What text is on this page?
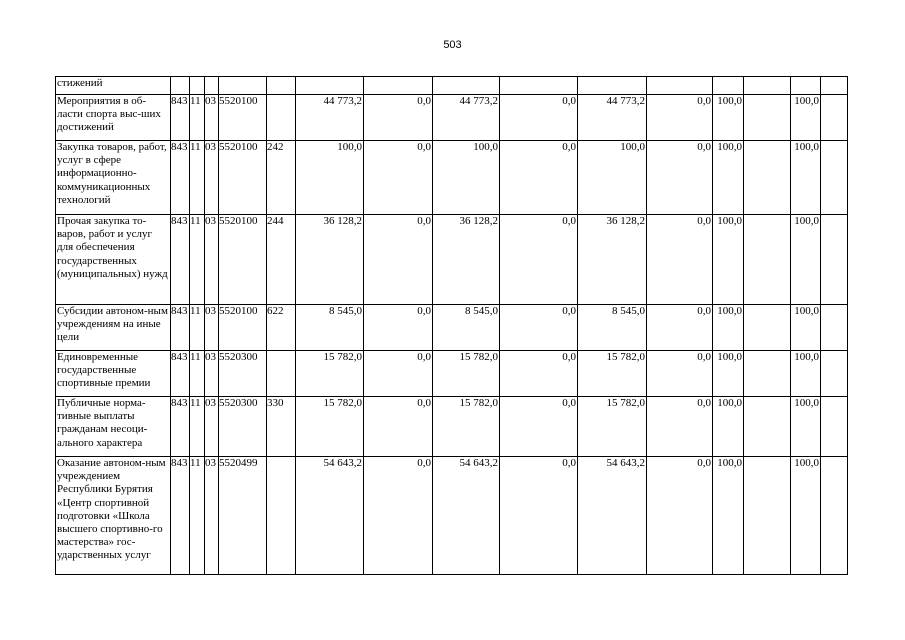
503
стижений															
Мероприятия в об-ласти спорта выс-ших достижений	843	11	03	5520100		44 773,2	0,0	44 773,2	0,0	44 773,2	0,0	100,0		100,0	
Закупка товаров, работ, услуг в сфере информационно-коммуникационных технологий	843	11	03	5520100	242	100,0	0,0	100,0	0,0	100,0	0,0	100,0		100,0	
Прочая закупка то-варов, работ и услуг для обеспечения государственных (муниципальных) нужд	843	11	03	5520100	244	36 128,2	0,0	36 128,2	0,0	36 128,2	0,0	100,0		100,0	
Субсидии автоном-ным учреждениям на иные цели	843	11	03	5520100	622	8 545,0	0,0	8 545,0	0,0	8 545,0	0,0	100,0		100,0	
Единовременные государственные спортивные премии	843	11	03	5520300		15 782,0	0,0	15 782,0	0,0	15 782,0	0,0	100,0		100,0	
Публичные норма-тивные выплаты гражданам несоци-ального характера	843	11	03	5520300	330	15 782,0	0,0	15 782,0	0,0	15 782,0	0,0	100,0		100,0	
Оказание автоном-ным учреждением Республики Бурятия «Центр спортивной подготовки «Школа высшего спортивно-го мастерства» гос-ударственных услуг	843	11	03	5520499		54 643,2	0,0	54 643,2	0,0	54 643,2	0,0	100,0		100,0	
